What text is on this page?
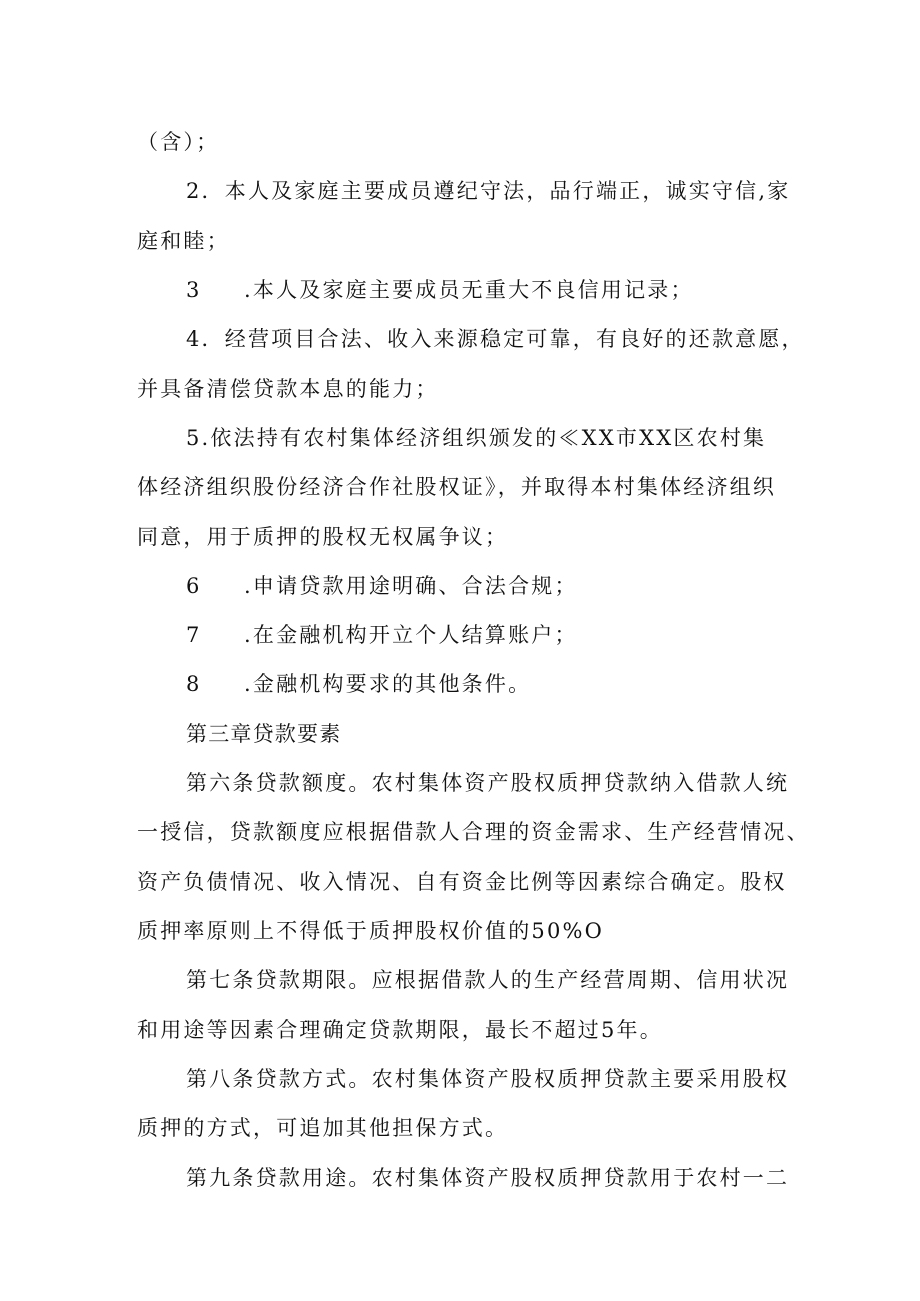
（含）；
2．本人及家庭主要成员遵纪守法，品行端正，诚实守信,家
庭和睦；
3 .本人及家庭主要成员无重大不良信用记录；
4．经营项目合法、收入来源稳定可靠，有良好的还款意愿，
并具备清偿贷款本息的能力；
5.依法持有农村集体经济组织颁发的≪XX市XX区农村集
体经济组织股份经济合作社股权证》，并取得本村集体经济组织
同意，用于质押的股权无权属争议；
6 .申请贷款用途明确、合法合规；
7 .在金融机构开立个人结算账户；
8 .金融机构要求的其他条件。
第三章贷款要素
第六条贷款额度。农村集体资产股权质押贷款纳入借款人统
一授信，贷款额度应根据借款人合理的资金需求、生产经营情况、
资产负债情况、收入情况、自有资金比例等因素综合确定。股权
质押率原则上不得低于质押股权价值的50%O
第七条贷款期限。应根据借款人的生产经营周期、信用状况
和用途等因素合理确定贷款期限，最长不超过5年。
第八条贷款方式。农村集体资产股权质押贷款主要采用股权
质押的方式，可追加其他担保方式。
第九条贷款用途。农村集体资产股权质押贷款用于农村一二
